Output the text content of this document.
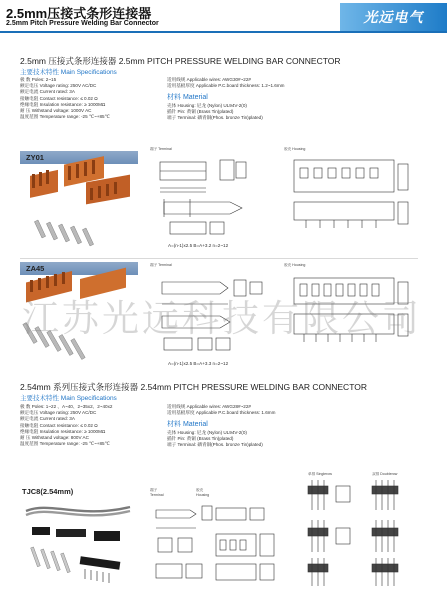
2.5mm压接式条形连接器
2.5mm Pitch Pressure Welding Bar Connector	光远电气
2.5mm 压接式条形连接器 2.5mm PITCH PRESSURE WELDING BAR CONNECTOR
主要技术特性 Main Specifications
极 数 Poles: 2~15
额定电压 Voltage rating: 250V AC/DC
额定电流 Current rated: 3A
接触电阻 Contact resistance: ≤ 0.02 Ω
绝缘电阻 Insulation resistance: ≥ 1000MΩ
耐 压 Withstand voltage: 1000V AC
温度范围 Temperature range: -25 ℃~+85℃
适用线规 Applicable wires: AWG30#~22#
适用基板厚度 Applicable P.C.board thickness: 1.2~1.6mm
材料 Material
壳体 Housing: 尼龙 (Nylon) UL94V-2(0)
插针 Pin: 黄铜 (Brass Tin)plated)
端子 Terminal: 磷青铜(Phos. bronze Tin)plated)
ZY01
端子 Terminal	胶壳 Housing
A=(n-1)x2.5 B=A+3.2 n=2~12
ZA45	端子 Terminal	胶壳 Housing
A=(n-1)x2.5 B=A+3.3 n=2~12
2.54mm 系列压接式条形连接器 2.54mm PITCH PRESSURE WELDING BAR CONNECTOR
主要技术特性 Main Specifications
极 数 Poles: 1~22 、A~40、2~35x2、2~40x2
额定电压 Voltage rating: 250V AC/DC
额定电流 Current rated: 3A
接触电阻 Contact resistance: ≤ 0.02 Ω
绝缘电阻 Insulation resistance: ≥ 1000MΩ
耐 压 Withstand voltage: 800V AC
温度范围 Temperature range: -25 ℃~+85℃
适用线规 Applicable wires: AWG28#~22#
适用基板厚度 Applicable P.C.board thickness: 1.6mm
材料 Material
壳体 Housing: 尼龙 (Nylon) UL94V-2(0)
插针 Pin: 黄铜 (Brass Tin)plated)
端子 Terminal: 磷青铜(Phos. bronze Tin)plated)
TJC8(2.54mm)	端子
Terminal
胶壳
Housing
单排 Singlerow	双排 Doublerow
江苏光远科技有限公司
